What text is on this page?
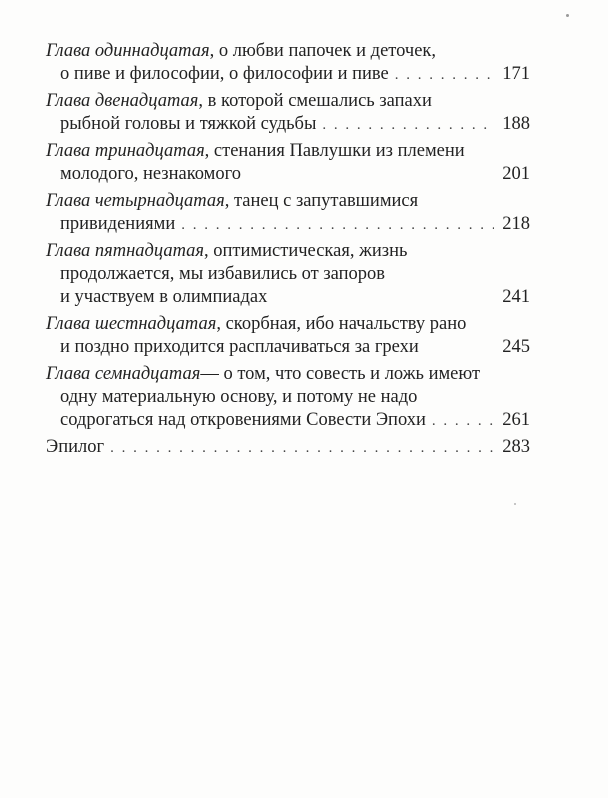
Глава одиннадцатая , о любви папочек и деточек,
о пиве и философии, о философии и пиве . . .	171
Глава двенадцатая , в которой смешались запахи
рыбной головы и тяжкой судьбы . . .	188
Глава тринадцатая , стенания Павлушки из племени
молодого, незнакомого	201
Глава четырнадцатая , танец с запутавшимися
привидениями . . .	218
Глава пятнадцатая , оптимистическая, жизнь
продолжается, мы избавились от запоров
и участвуем в олимпиадах	241
Глава шестнадцатая , скорбная, ибо начальству рано
и поздно приходится расплачиваться за грехи	245
Глава семнадцатая — о том, что совесть и ложь имеют
одну материальную основу, и потому не надо
содрогаться над откровениями Совести Эпохи . . .	261
Эпилог . . .	283
